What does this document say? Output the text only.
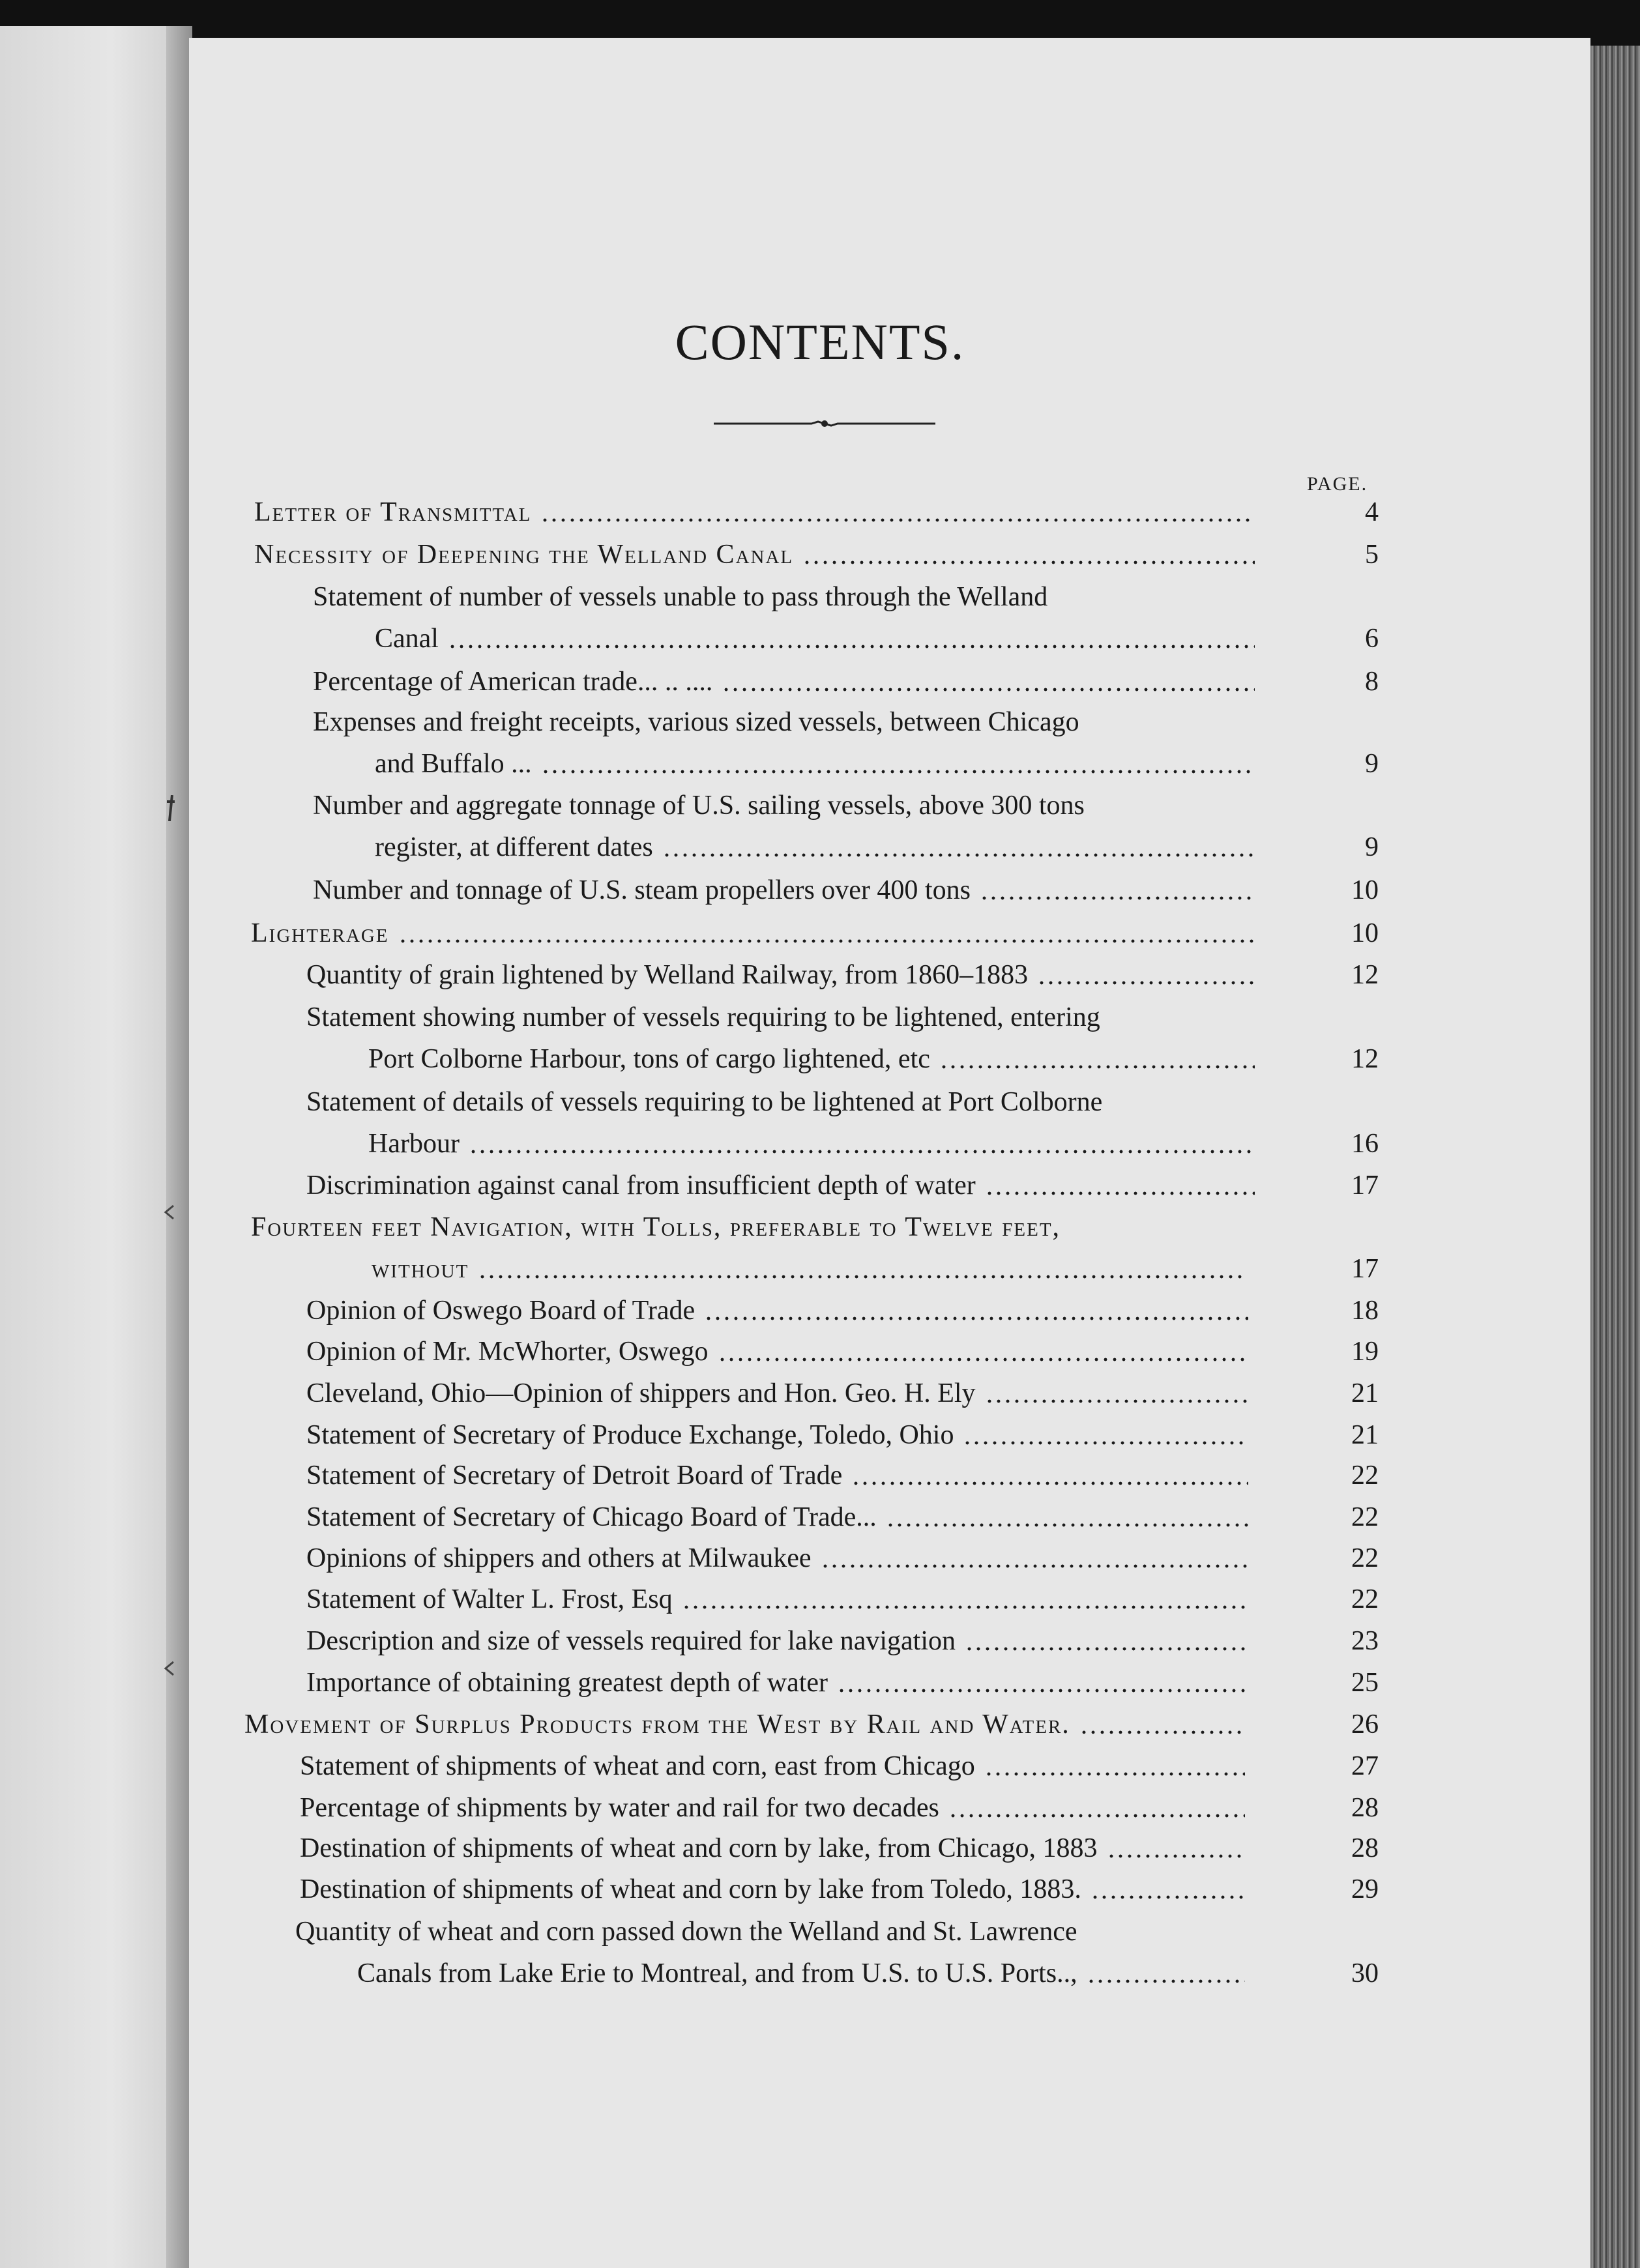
CONTENTS.
PAGE.
Letter of Transmittal	4
Necessity of Deepening the Welland Canal	5
Statement of number of vessels unable to pass through the Welland
Canal	6
Percentage of American trade... .. ....	8
Expenses and freight receipts, various sized vessels, between Chicago
and Buffalo ...	9
Number and aggregate tonnage of U.S. sailing vessels, above 300 tons
register, at different dates	9
Number and tonnage of U.S. steam propellers over 400 tons	10
Lighterage	10
Quantity of grain lightened by Welland Railway, from 1860–1883	12
Statement showing number of vessels requiring to be lightened, entering
Port Colborne Harbour, tons of cargo lightened, etc	12
Statement of details of vessels requiring to be lightened at Port Colborne
Harbour	16
Discrimination against canal from insufficient depth of water	17
Fourteen feet Navigation, with Tolls, preferable to Twelve feet,
without	17
Opinion of Oswego Board of Trade	18
Opinion of Mr. McWhorter, Oswego	19
Cleveland, Ohio—Opinion of shippers and Hon. Geo. H. Ely	21
Statement of Secretary of Produce Exchange, Toledo, Ohio	21
Statement of Secretary of Detroit Board of Trade	22
Statement of Secretary of Chicago Board of Trade...	22
Opinions of shippers and others at Milwaukee	22
Statement of Walter L. Frost, Esq	22
Description and size of vessels required for lake navigation	23
Importance of obtaining greatest depth of water	25
Movement of Surplus Products from the West by Rail and Water.	26
Statement of shipments of wheat and corn, east from Chicago	27
Percentage of shipments by water and rail for two decades	28
Destination of shipments of wheat and corn by lake, from Chicago, 1883	28
Destination of shipments of wheat and corn by lake from Toledo, 1883.	29
Quantity of wheat and corn passed down the Welland and St. Lawrence
Canals from Lake Erie to Montreal, and from U.S. to U.S. Ports..,	30
